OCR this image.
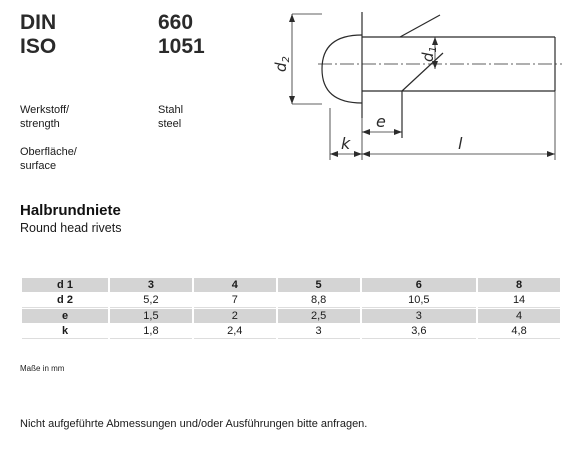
DIN	660
ISO	1051
Werkstoff/
strength
Stahl
steel
Oberfläche/
surface
Halbrundniete
Round head rivets
$d_2$	$d_1$
e
k	l
d 1	3	4	5	6	8
d 2	5,2	7	8,8	10,5	14
e	1,5	2	2,5	3	4
k	1,8	2,4	3	3,6	4,8
Maße in mm
Nicht aufgeführte Abmessungen und/oder Ausführungen bitte anfragen.
